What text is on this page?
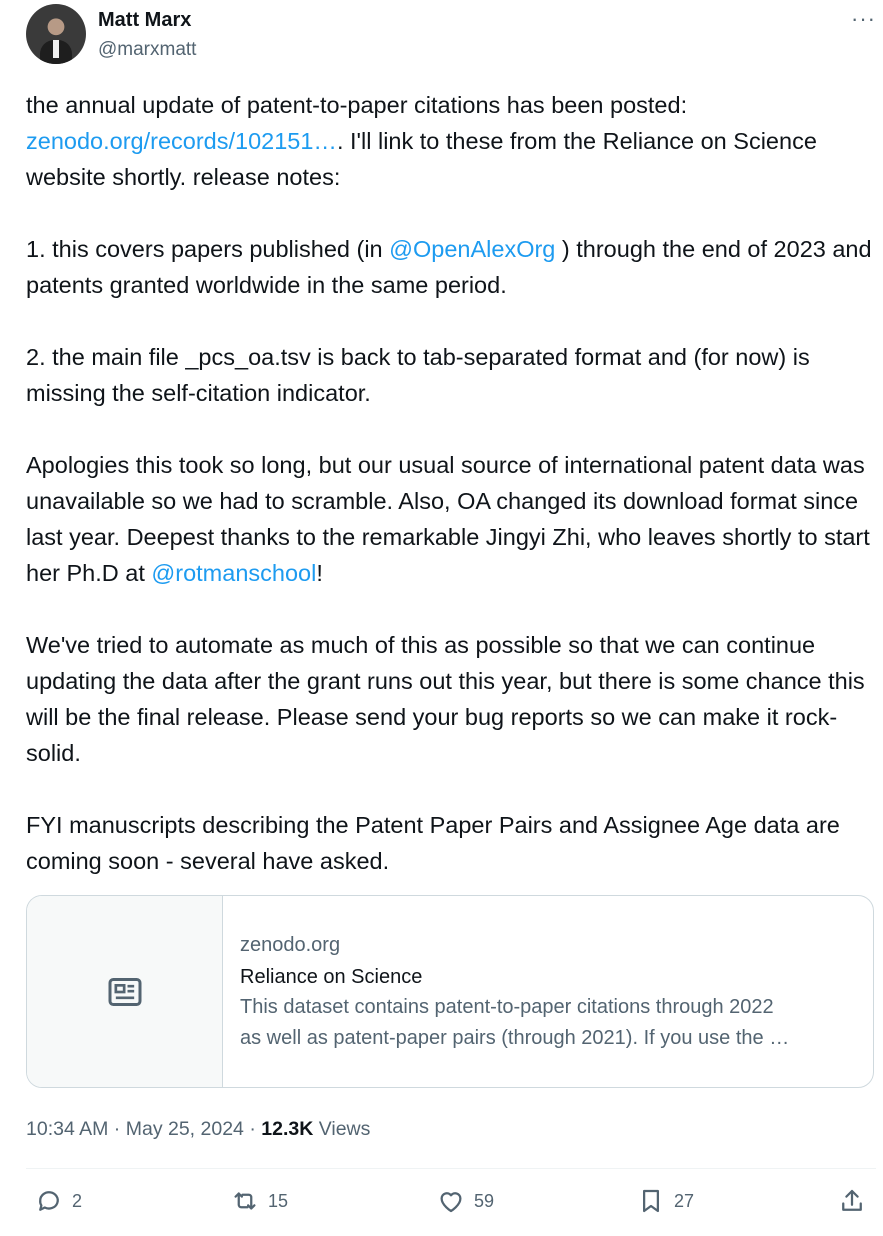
Matt Marx
@marxmatt
···
the annual update of patent-to-paper citations has been posted: zenodo.org/records/102151…. I'll link to these from the Reliance on Science website shortly. release notes:

1. this covers papers published (in @OpenAlexOrg ) through the end of 2023 and patents granted worldwide in the same period.

2. the main file _pcs_oa.tsv is back to tab-separated format and (for now) is missing the self-citation indicator.

Apologies this took so long, but our usual source of international patent data was unavailable so we had to scramble. Also, OA changed its download format since last year. Deepest thanks to the remarkable Jingyi Zhi, who leaves shortly to start her Ph.D at @rotmanschool!

We've tried to automate as much of this as possible so that we can continue updating the data after the grant runs out this year, but there is some chance this will be the final release. Please send your bug reports so we can make it rock-solid.

FYI manuscripts describing the Patent Paper Pairs and Assignee Age data are coming soon - several have asked.
zenodo.org
Reliance on Science
This dataset contains patent-to-paper citations through 2022
as well as patent-paper pairs (through 2021). If you use the …
10:34 AM · May 25, 2024 · 12.3K Views
2	15	59	27
